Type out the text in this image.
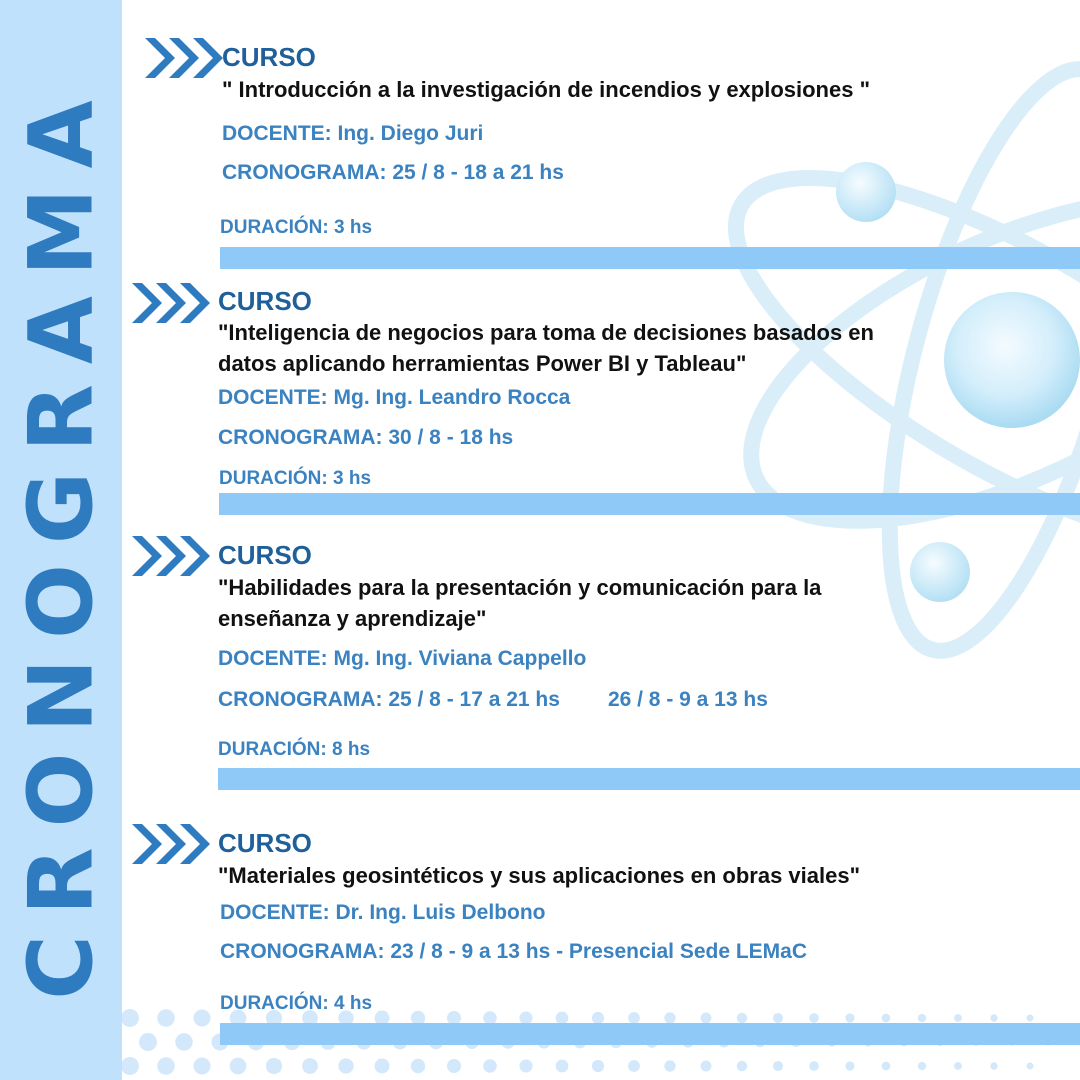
CRONOGRAMA
CURSO
" Introducción a la investigación de incendios y explosiones "
DOCENTE: Ing. Diego Juri
CRONOGRAMA: 25 / 8 - 18 a 21 hs
DURACIÓN: 3 hs
CURSO
"Inteligencia de negocios para toma de decisiones basados en
datos aplicando herramientas Power BI y Tableau"
DOCENTE: Mg. Ing. Leandro Rocca
CRONOGRAMA: 30 / 8 - 18 hs
DURACIÓN: 3 hs
CURSO
"Habilidades para la presentación y comunicación para la
enseñanza y aprendizaje"
DOCENTE: Mg. Ing. Viviana Cappello
CRONOGRAMA: 25 / 8 - 17 a 21 hs 26 / 8 - 9 a 13 hs
DURACIÓN: 8 hs
CURSO
"Materiales geosintéticos y sus aplicaciones en obras viales"
DOCENTE: Dr. Ing. Luis Delbono
CRONOGRAMA: 23 / 8 - 9 a 13 hs - Presencial Sede LEMaC
DURACIÓN: 4 hs
